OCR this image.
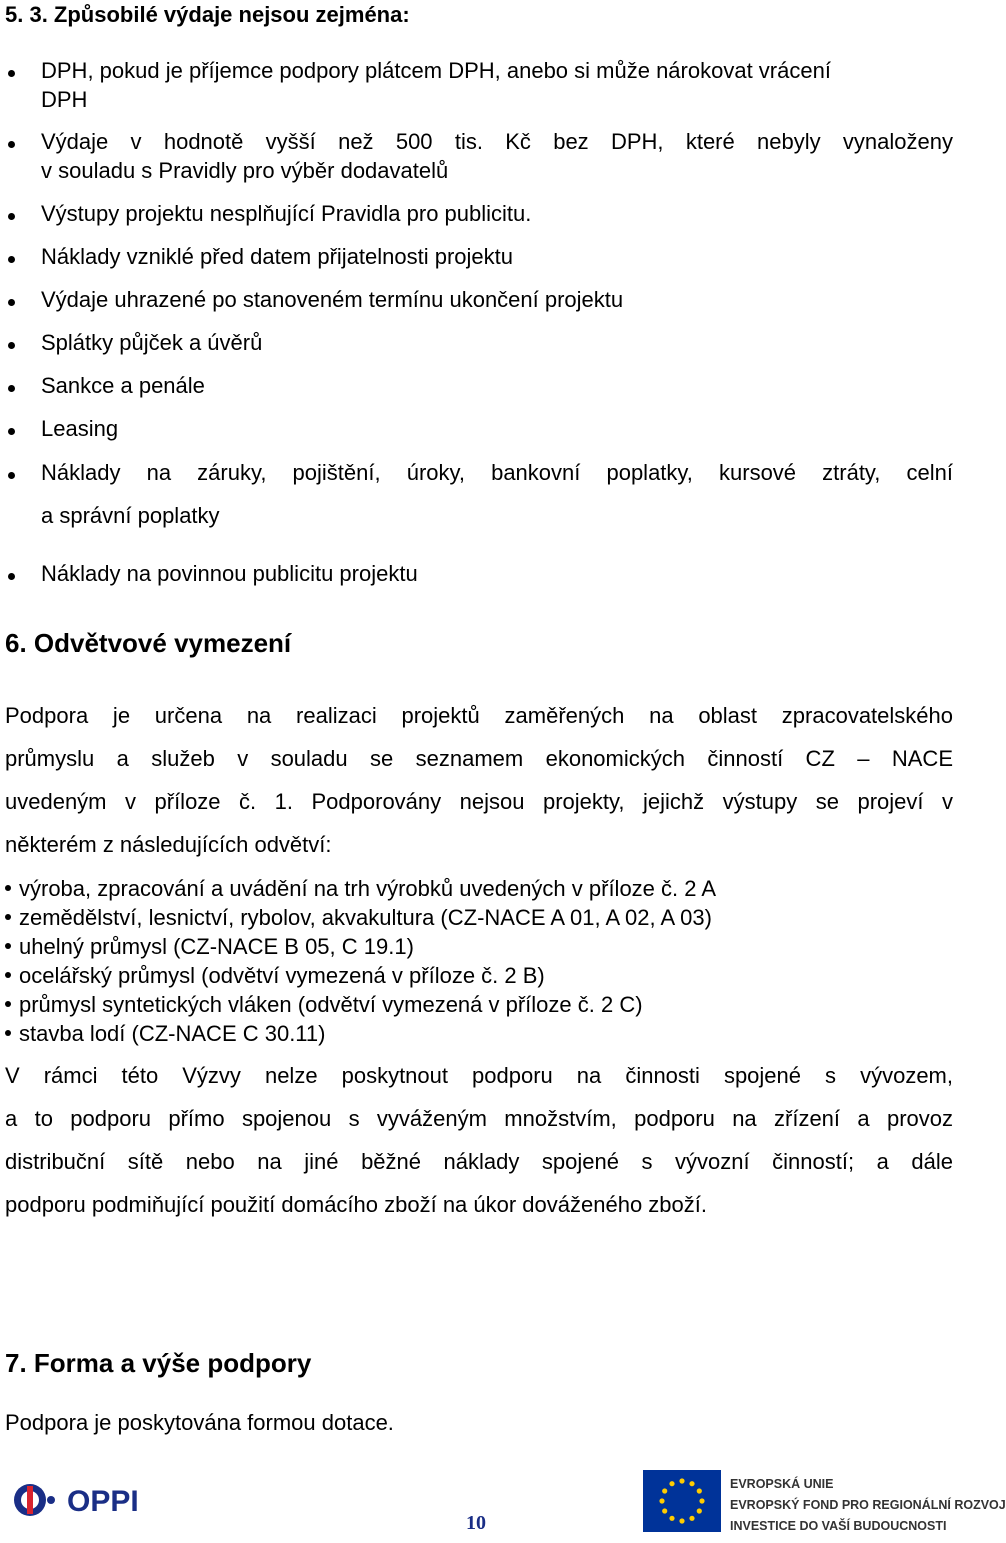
5. 3. Způsobilé výdaje nejsou zejména:
DPH, pokud je příjemce podpory plátcem DPH, anebo si může nárokovat vrácení
DPH
Výdaje v hodnotě vyšší než 500 tis. Kč bez DPH, které nebyly vynaloženy
v souladu s Pravidly pro výběr dodavatelů
Výstupy projektu nesplňující Pravidla pro publicitu.
Náklady vzniklé před datem přijatelnosti projektu
Výdaje uhrazené po stanoveném termínu ukončení projektu
Splátky půjček a úvěrů
Sankce a penále
Leasing
Náklady na záruky, pojištění, úroky, bankovní poplatky, kursové ztráty, celní
a správní poplatky
Náklady na povinnou publicitu projektu
6. Odvětvové vymezení
Podpora je určena na realizaci projektů zaměřených na oblast zpracovatelského
průmyslu a služeb v souladu se seznamem ekonomických činností CZ – NACE
uvedeným v příloze č. 1. Podporovány nejsou projekty, jejichž výstupy se projeví v
některém z následujících odvětví:
výroba, zpracování a uvádění na trh výrobků uvedených v příloze č. 2 A
zemědělství, lesnictví, rybolov, akvakultura (CZ-NACE A 01, A 02, A 03)
uhelný průmysl (CZ-NACE B 05, C 19.1)
ocelářský průmysl (odvětví vymezená v příloze č. 2 B)
průmysl syntetických vláken (odvětví vymezená v příloze č. 2 C)
stavba lodí (CZ-NACE C 30.11)
V rámci této Výzvy nelze poskytnout podporu na činnosti spojené s vývozem,
a to podporu přímo spojenou s vyváženým množstvím, podporu na zřízení a provoz
distribuční sítě nebo na jiné běžné náklady spojené s vývozní činností; a dále
podporu podmiňující použití domácího zboží na úkor dováženého zboží.
7. Forma a výše podpory
Podpora je poskytována formou dotace.
OPPI
10
EVROPSKÁ UNIE
EVROPSKÝ FOND PRO REGIONÁLNÍ ROZVOJ
INVESTICE DO VAŠÍ BUDOUCNOSTI
